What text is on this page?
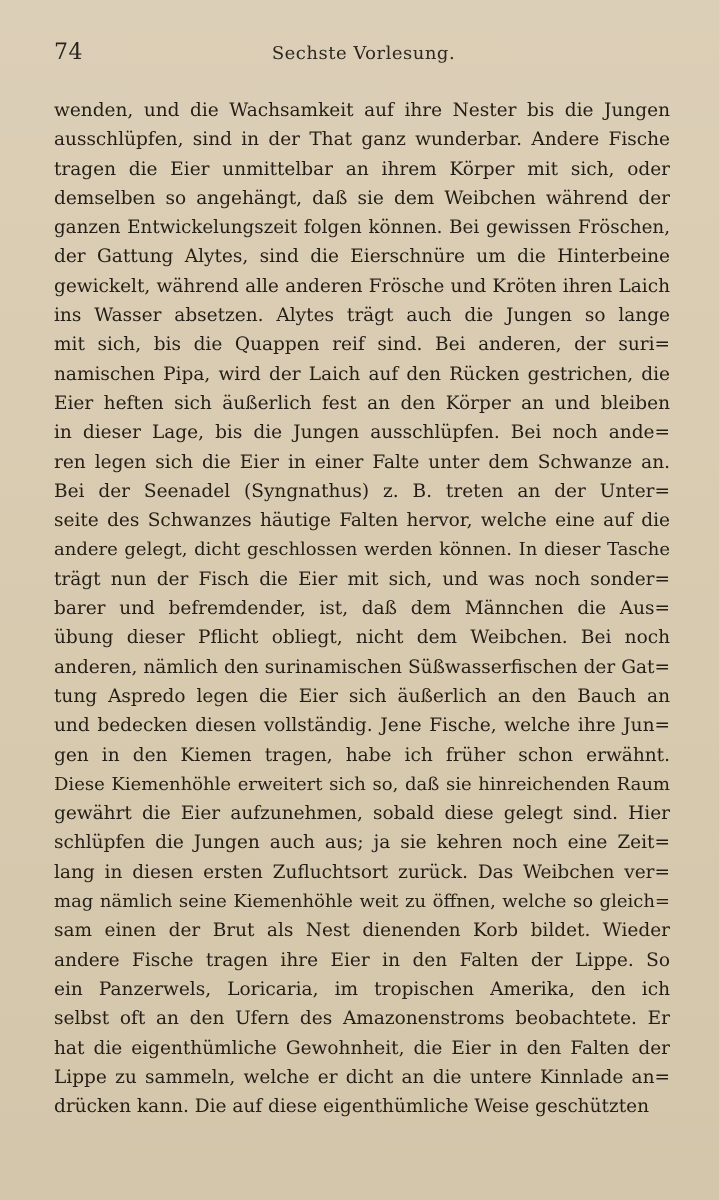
74	Sechste Vorlesung.
wenden, und die Wachsamkeit auf ihre Nester bis die Jungen
ausschlüpfen, sind in der That ganz wunderbar. Andere Fische
tragen die Eier unmittelbar an ihrem Körper mit sich, oder
demselben so angehängt, daß sie dem Weibchen während der
ganzen Entwickelungszeit folgen können. Bei gewissen Fröschen,
der Gattung Alytes, sind die Eierschnüre um die Hinterbeine
gewickelt, während alle anderen Frösche und Kröten ihren Laich
ins Wasser absetzen. Alytes trägt auch die Jungen so lange
mit sich, bis die Quappen reif sind. Bei anderen, der suri=
namischen Pipa, wird der Laich auf den Rücken gestrichen, die
Eier heften sich äußerlich fest an den Körper an und bleiben
in dieser Lage, bis die Jungen ausschlüpfen. Bei noch ande=
ren legen sich die Eier in einer Falte unter dem Schwanze an.
Bei der Seenadel (Syngnathus) z. B. treten an der Unter=
seite des Schwanzes häutige Falten hervor, welche eine auf die
andere gelegt, dicht geschlossen werden können. In dieser Tasche
trägt nun der Fisch die Eier mit sich, und was noch sonder=
barer und befremdender, ist, daß dem Männchen die Aus=
übung dieser Pflicht obliegt, nicht dem Weibchen. Bei noch
anderen, nämlich den surinamischen Süßwasserfischen der Gat=
tung Aspredo legen die Eier sich äußerlich an den Bauch an
und bedecken diesen vollständig. Jene Fische, welche ihre Jun=
gen in den Kiemen tragen, habe ich früher schon erwähnt.
Diese Kiemenhöhle erweitert sich so, daß sie hinreichenden Raum
gewährt die Eier aufzunehmen, sobald diese gelegt sind. Hier
schlüpfen die Jungen auch aus; ja sie kehren noch eine Zeit=
lang in diesen ersten Zufluchtsort zurück. Das Weibchen ver=
mag nämlich seine Kiemenhöhle weit zu öffnen, welche so gleich=
sam einen der Brut als Nest dienenden Korb bildet. Wieder
andere Fische tragen ihre Eier in den Falten der Lippe. So
ein Panzerwels, Loricaria, im tropischen Amerika, den ich
selbst oft an den Ufern des Amazonenstroms beobachtete. Er
hat die eigenthümliche Gewohnheit, die Eier in den Falten der
Lippe zu sammeln, welche er dicht an die untere Kinnlade an=
drücken kann. Die auf diese eigenthümliche Weise geschützten
